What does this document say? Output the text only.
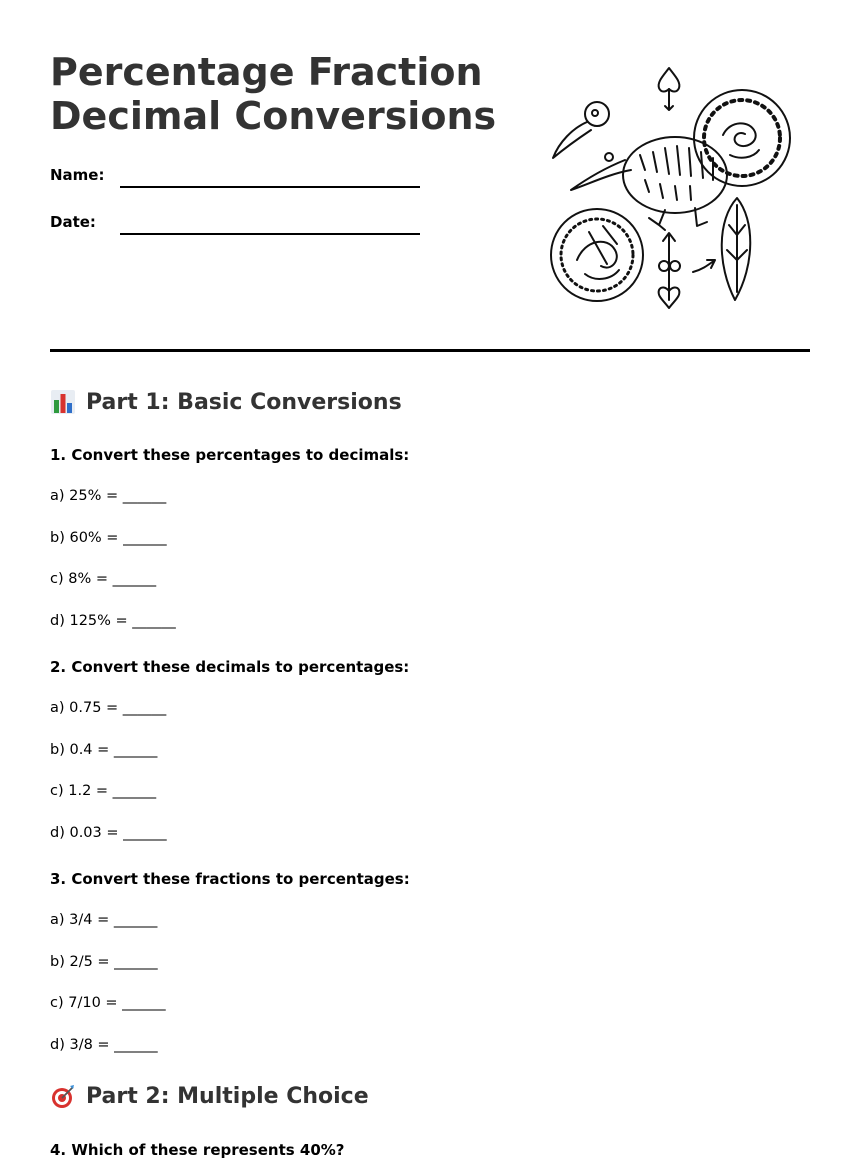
Percentage Fraction
Decimal Conversions
Name:
Date:
Part 1: Basic Conversions

1. Convert these percentages to decimals:

a) 25% = ______

b) 60% = ______

c) 8% = ______

d) 125% = ______

2. Convert these decimals to percentages:

a) 0.75 = ______

b) 0.4 = ______

c) 1.2 = ______

d) 0.03 = ______

3. Convert these fractions to percentages:

a) 3/4 = ______

b) 2/5 = ______

c) 7/10 = ______

d) 3/8 = ______

Part 2: Multiple Choice

4. Which of these represents 40%?
